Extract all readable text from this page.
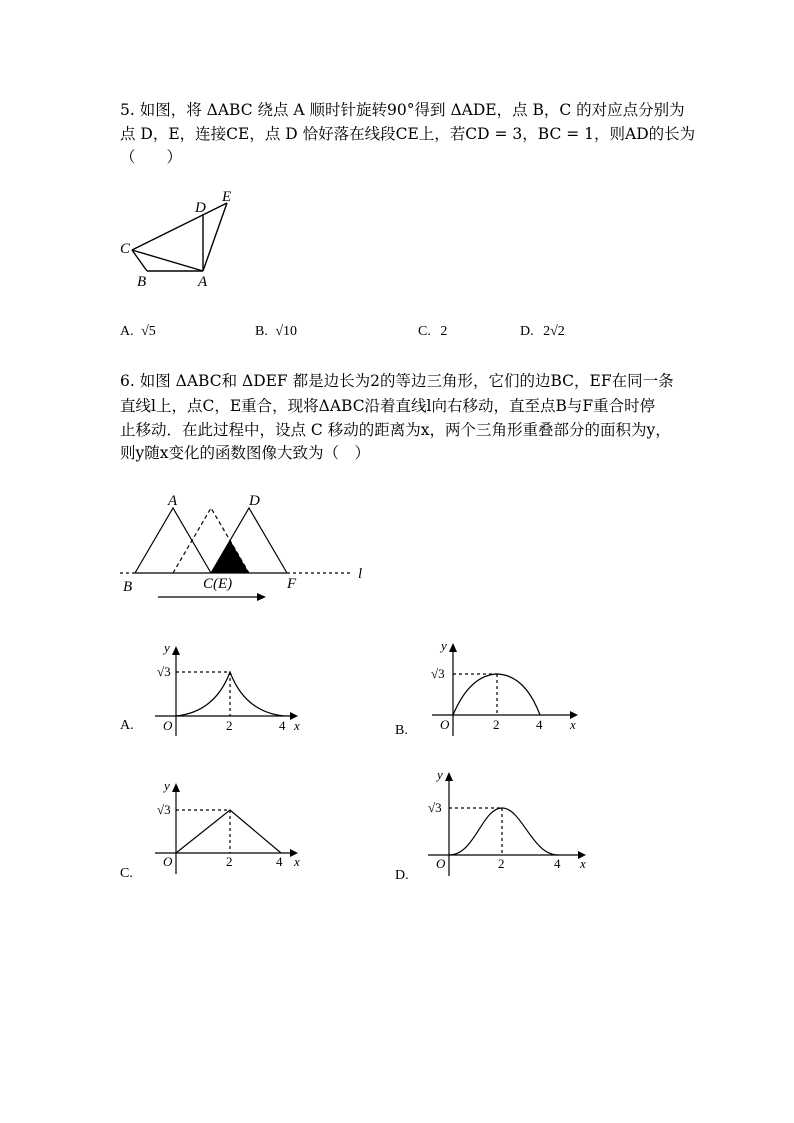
5. 如图，将 ΔABC 绕点 A 顺时针旋转90°得到 ΔADE，点 B，C 的对应点分别为
点 D，E，连接CE，点 D 恰好落在线段CE上，若CD = 3，BC = 1，则AD的长为
（　　）
E
D
C
B	A
A. √5	B. √10	C. 2	D. 2√2
6. 如图 ΔABC和 ΔDEF 都是边长为2的等边三角形，它们的边BC，EF在同一条
直线l上，点C，E重合，现将ΔABC沿着直线l向右移动，直至点B与F重合时停
止移动．在此过程中，设点 C 移动的距离为x，两个三角形重叠部分的面积为y，
则y随x变化的函数图像大致为（　）
A	D
B	C(E)	F
l
y
√3
O	2	4 x
A.
y
√3
O	2	4 x
B.
y
√3
O	2	4 x
C.
y
√3
O	2	4 x
D.
